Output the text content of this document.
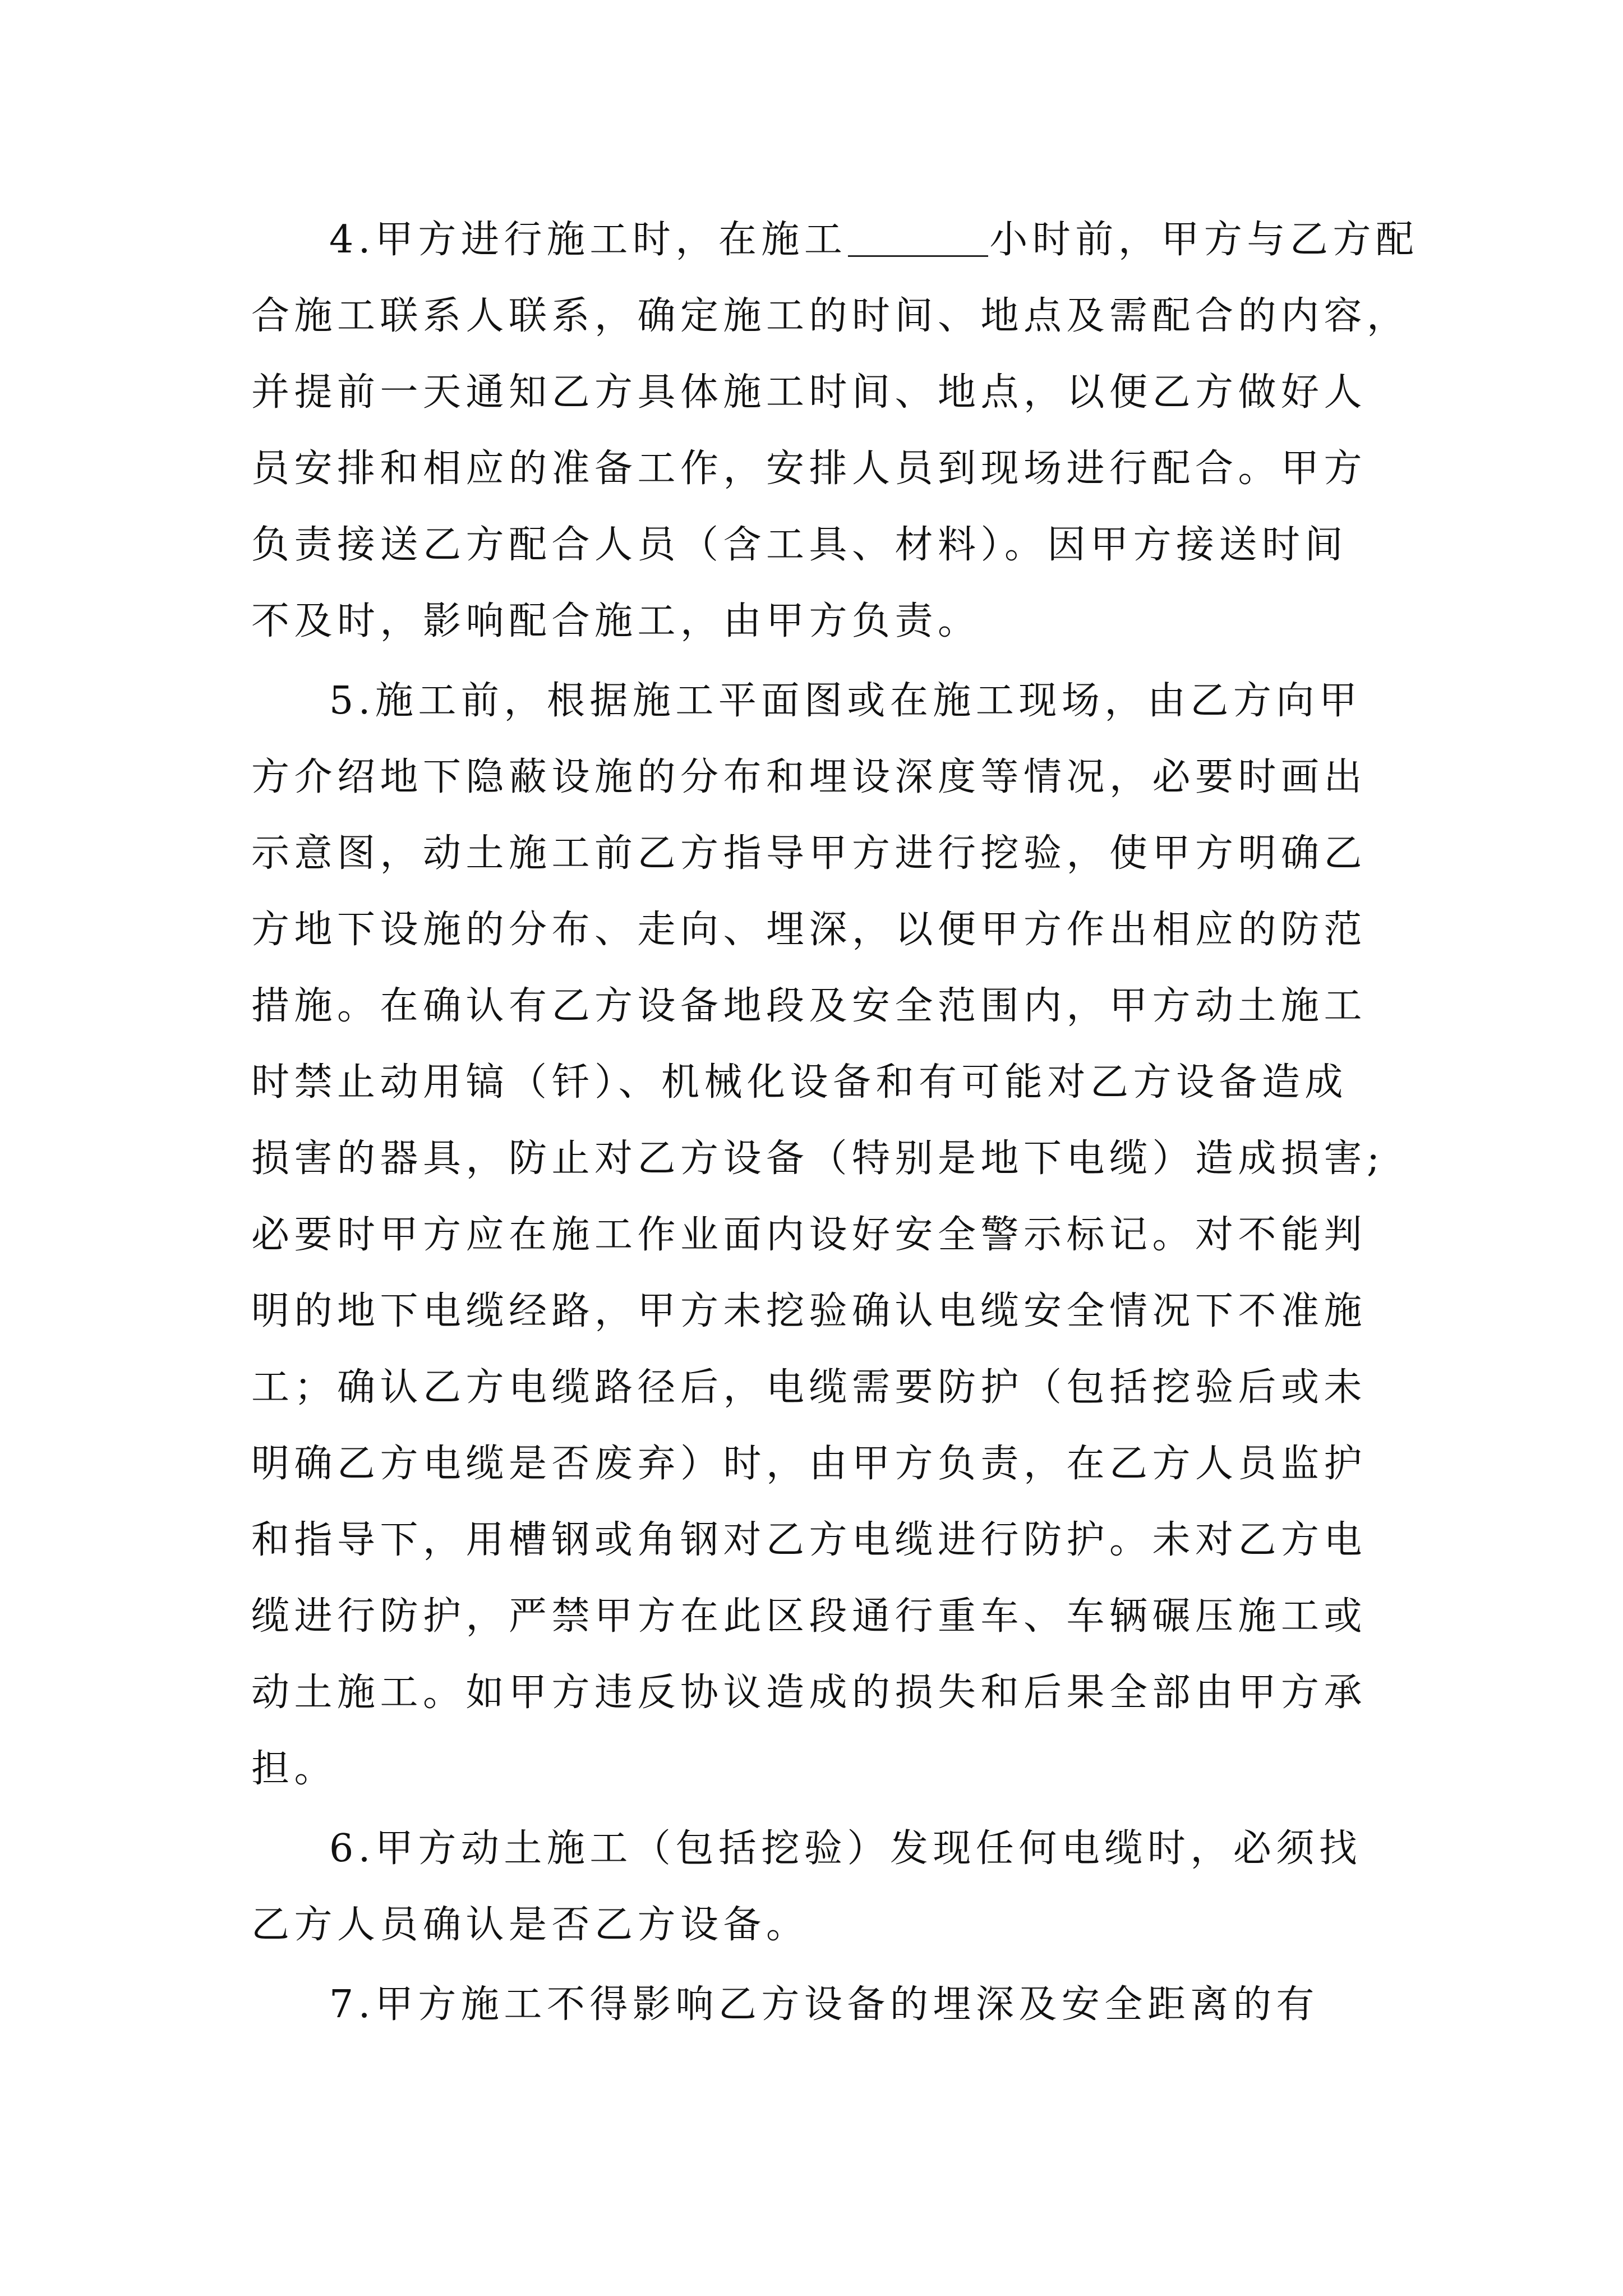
4.甲方进行施工时，在施工	小时前，甲方与乙方配
合施工联系人联系，确定施工的时间、地点及需配合的内容，
并提前一天通知乙方具体施工时间、地点，以便乙方做好人
员安排和相应的准备工作，安排人员到现场进行配合。甲方
负责接送乙方配合人员（含工具、材料）。因甲方接送时间
不及时，影响配合施工，由甲方负责。
5.施工前，根据施工平面图或在施工现场，由乙方向甲
方介绍地下隐蔽设施的分布和埋设深度等情况，必要时画出
示意图，动土施工前乙方指导甲方进行挖验，使甲方明确乙
方地下设施的分布、走向、埋深，以便甲方作出相应的防范
措施。在确认有乙方设备地段及安全范围内，甲方动土施工
时禁止动用镐（钎）、机械化设备和有可能对乙方设备造成
损害的器具，防止对乙方设备（特别是地下电缆）造成损害;
必要时甲方应在施工作业面内设好安全警示标记。对不能判
明的地下电缆经路，甲方未挖验确认电缆安全情况下不准施
工；确认乙方电缆路径后，电缆需要防护（包括挖验后或未
明确乙方电缆是否废弃）时，由甲方负责，在乙方人员监护
和指导下，用槽钢或角钢对乙方电缆进行防护。未对乙方电
缆进行防护，严禁甲方在此区段通行重车、车辆碾压施工或
动土施工。如甲方违反协议造成的损失和后果全部由甲方承
担。
6.甲方动土施工（包括挖验）发现任何电缆时，必须找
乙方人员确认是否乙方设备。
7.甲方施工不得影响乙方设备的埋深及安全距离的有
